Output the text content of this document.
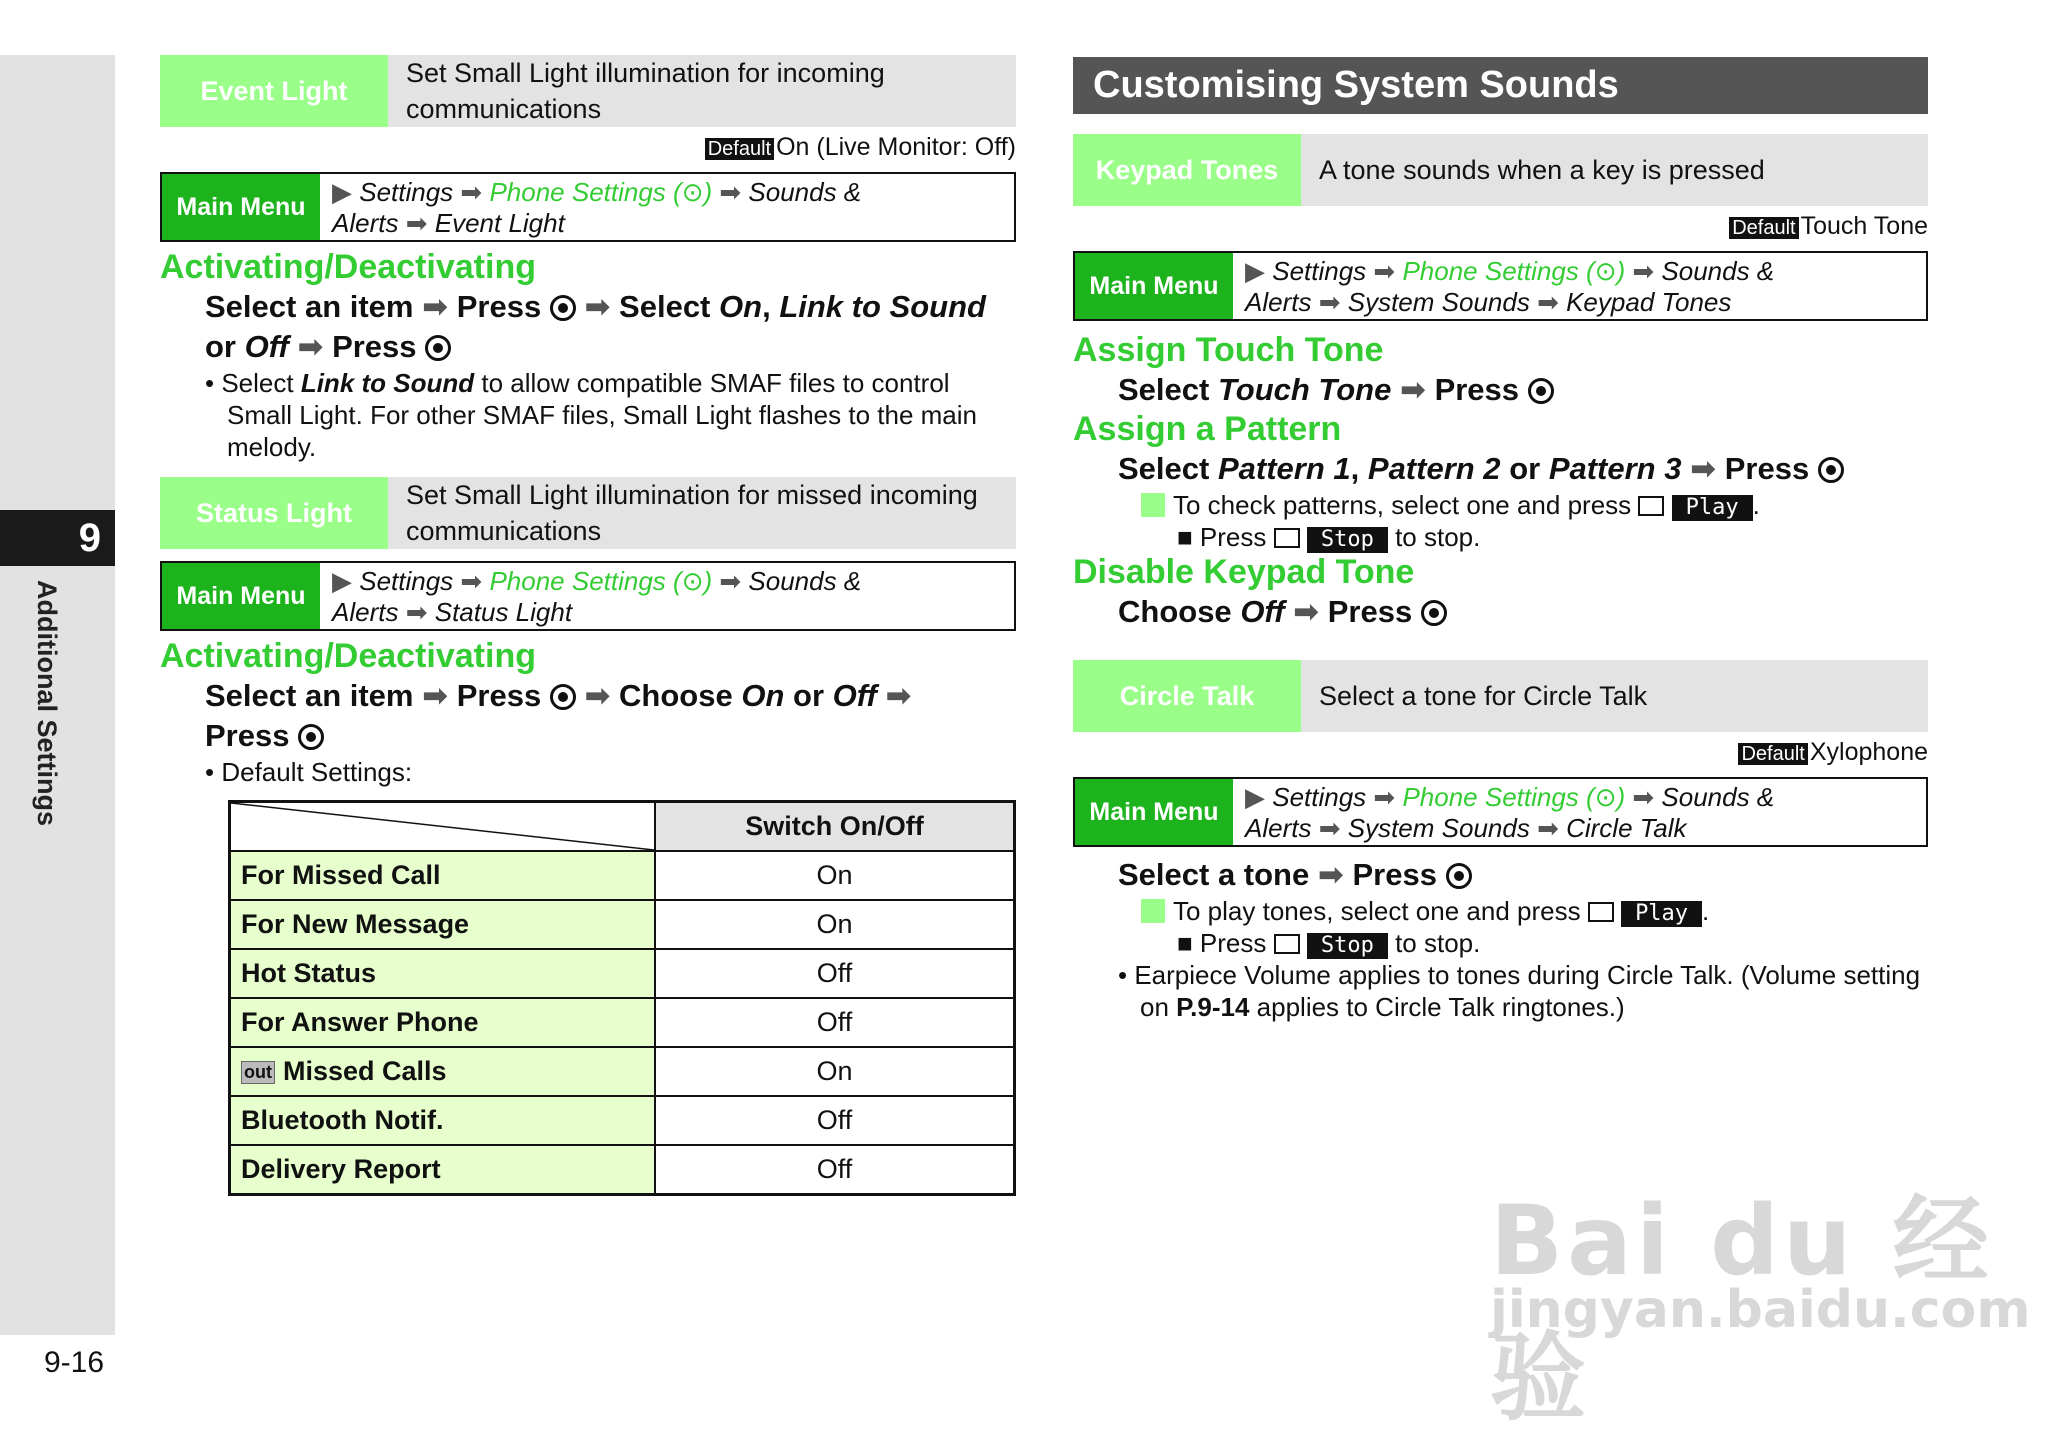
9
Additional Settings
9-16
Event Light
Set Small Light illumination for incoming communications
Default On (Live Monitor: Off)
Main Menu	▶ Settings ➡ Phone Settings (⊙) ➡ Sounds &
Alerts ➡ Event Light
Activating/Deactivating
Select an item ➡ Press ➡ Select On, Link to Sound or Off ➡ Press
• Select Link to Sound to allow compatible SMAF files to control Small Light. For other SMAF files, Small Light flashes to the main melody.
Status Light
Set Small Light illumination for missed incoming communications
Main Menu	▶ Settings ➡ Phone Settings (⊙) ➡ Sounds &
Alerts ➡ Status Light
Activating/Deactivating
Select an item ➡ Press ➡ Choose On or Off ➡
Press
• Default Settings:
	Switch On/Off
For Missed Call	On
For New Message	On
Hot Status	Off
For Answer Phone	Off
out Missed Calls	On
Bluetooth Notif.	Off
Delivery Report	Off
Customising System Sounds
Keypad Tones	A tone sounds when a key is pressed
Default Touch Tone
Main Menu	▶ Settings ➡ Phone Settings (⊙) ➡ Sounds &
Alerts ➡ System Sounds ➡ Keypad Tones
Assign Touch Tone
Select Touch Tone ➡ Press
Assign a Pattern
Select Pattern 1, Pattern 2 or Pattern 3 ➡ Press
To check patterns, select one and press Play .
■ Press Stop to stop.
Disable Keypad Tone
Choose Off ➡ Press
Circle Talk	Select a tone for Circle Talk
Default Xylophone
Main Menu	▶ Settings ➡ Phone Settings (⊙) ➡ Sounds &
Alerts ➡ System Sounds ➡ Circle Talk
Select a tone ➡ Press
To play tones, select one and press Play .
■ Press Stop to stop.
• Earpiece Volume applies to tones during Circle Talk. (Volume setting on P.9-14 applies to Circle Talk ringtones.)
Bai du 经验
jingyan.baidu.com
